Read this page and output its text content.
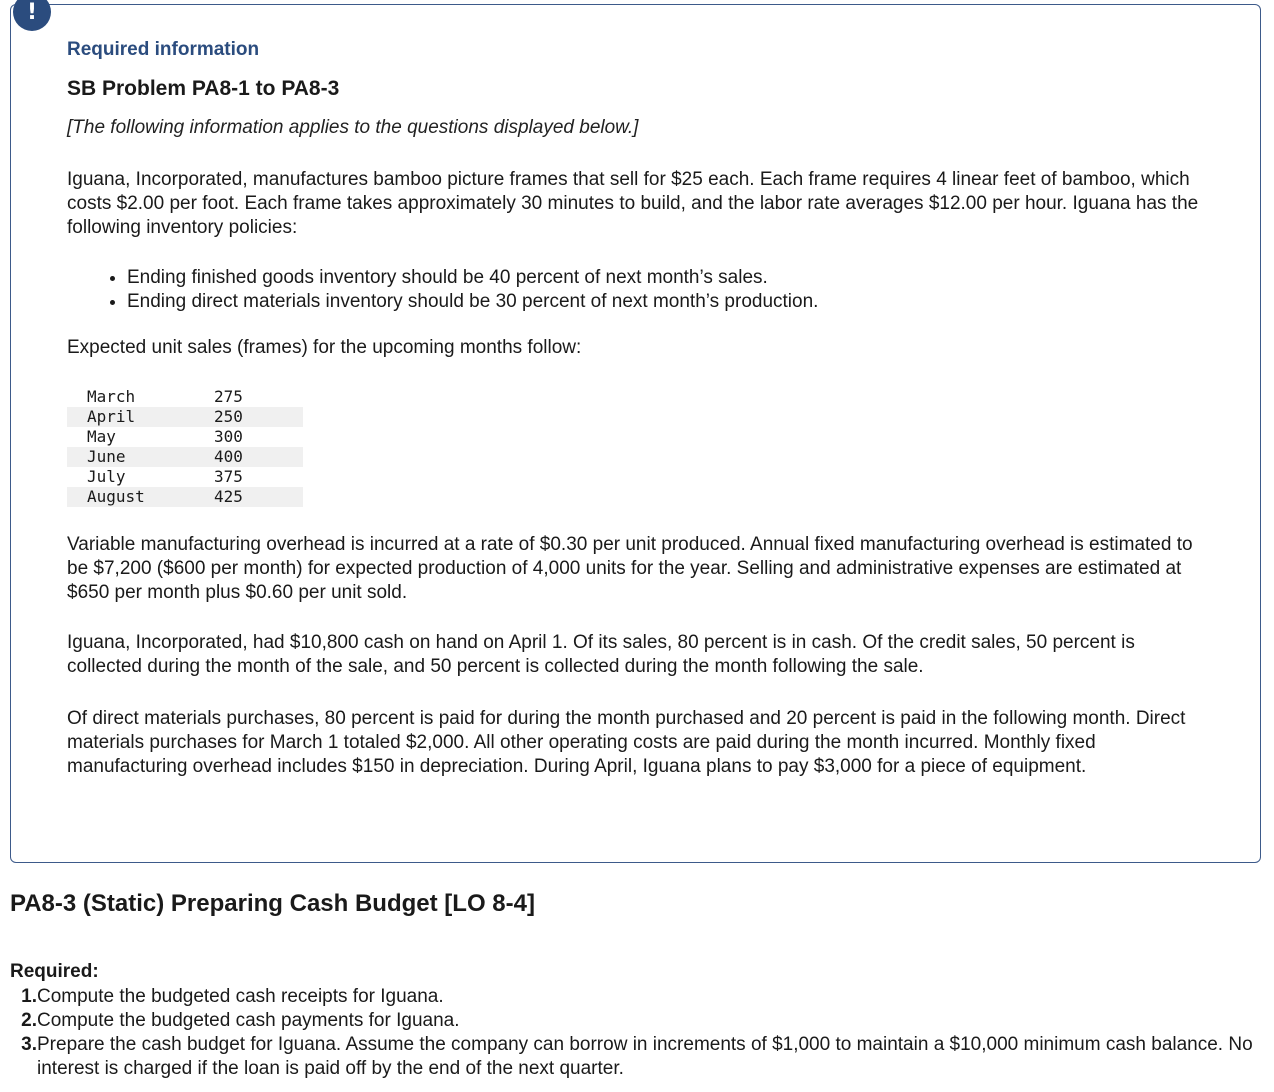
!
Required information
SB Problem PA8-1 to PA8-3
[The following information applies to the questions displayed below.]
Iguana, Incorporated, manufactures bamboo picture frames that sell for $25 each. Each frame requires 4 linear feet of bamboo, which costs $2.00 per foot. Each frame takes approximately 30 minutes to build, and the labor rate averages $12.00 per hour. Iguana has the following inventory policies:
• Ending finished goods inventory should be 40 percent of next month’s sales.
• Ending direct materials inventory should be 30 percent of next month’s production.
Expected unit sales (frames) for the upcoming months follow:
March	275
April	250
May	300
June	400
July	375
August	425
Variable manufacturing overhead is incurred at a rate of $0.30 per unit produced. Annual fixed manufacturing overhead is estimated to be $7,200 ($600 per month) for expected production of 4,000 units for the year. Selling and administrative expenses are estimated at $650 per month plus $0.60 per unit sold.
Iguana, Incorporated, had $10,800 cash on hand on April 1. Of its sales, 80 percent is in cash. Of the credit sales, 50 percent is collected during the month of the sale, and 50 percent is collected during the month following the sale.
Of direct materials purchases, 80 percent is paid for during the month purchased and 20 percent is paid in the following month. Direct materials purchases for March 1 totaled $2,000. All other operating costs are paid during the month incurred. Monthly fixed manufacturing overhead includes $150 in depreciation. During April, Iguana plans to pay $3,000 for a piece of equipment.
PA8-3 (Static) Preparing Cash Budget [LO 8-4]
Required:
1. Compute the budgeted cash receipts for Iguana.
2. Compute the budgeted cash payments for Iguana.
3. Prepare the cash budget for Iguana. Assume the company can borrow in increments of $1,000 to maintain a $10,000 minimum cash balance. No interest is charged if the loan is paid off by the end of the next quarter.
